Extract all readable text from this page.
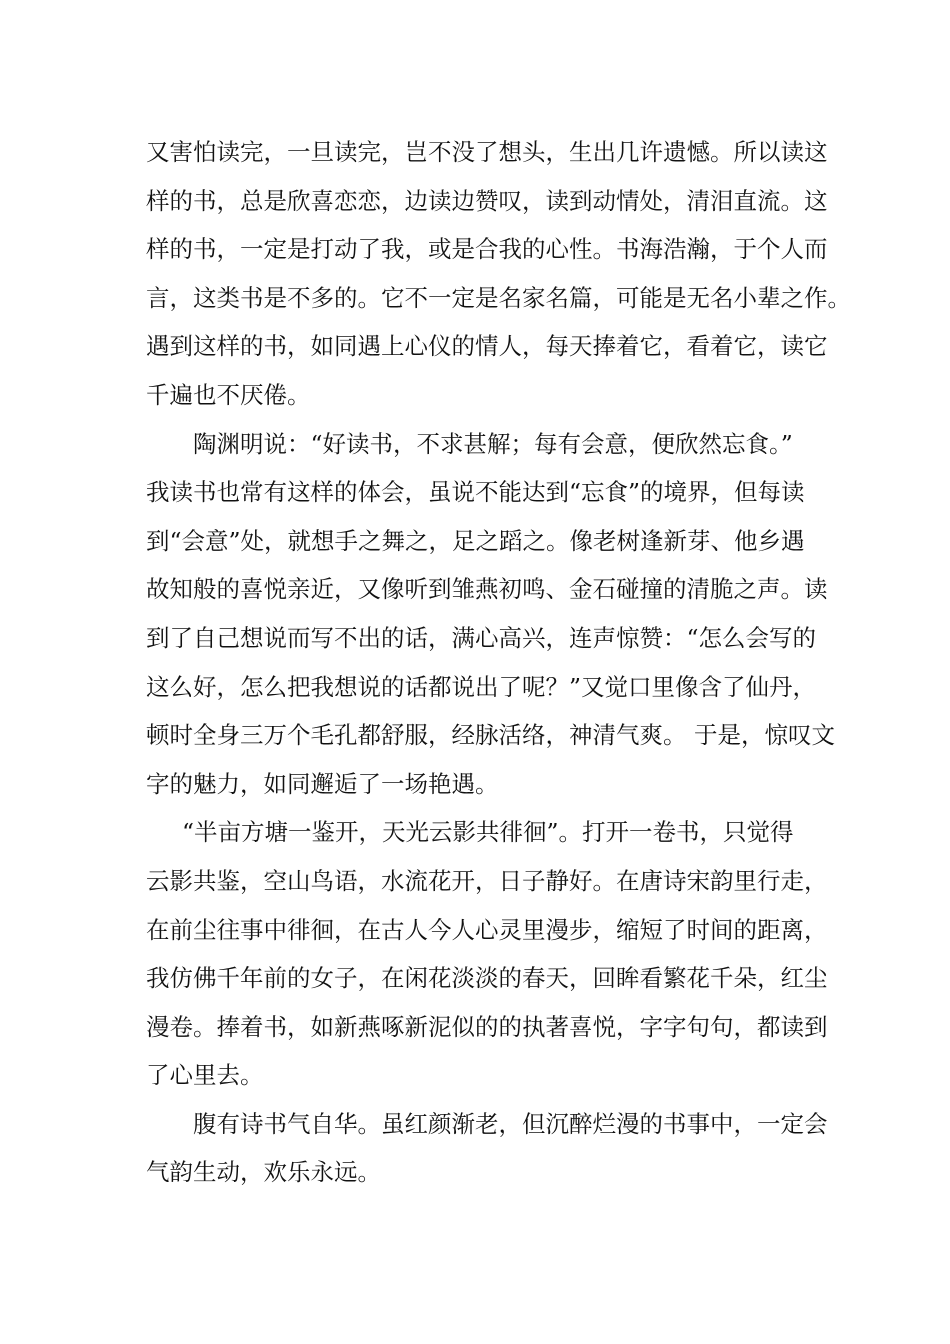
又害怕读完，一旦读完，岂不没了想头，生出几许遗憾。所以读这
样的书，总是欣喜恋恋，边读边赞叹，读到动情处，清泪直流。这
样的书，一定是打动了我，或是合我的心性。书海浩瀚，于个人而
言，这类书是不多的。它不一定是名家名篇，可能是无名小辈之作。
遇到这样的书，如同遇上心仪的情人，每天捧着它，看着它，读它
千遍也不厌倦。
陶渊明说：“好读书，不求甚解；每有会意，便欣然忘食。”
我读书也常有这样的体会，虽说不能达到“忘食”的境界，但每读
到“会意”处，就想手之舞之，足之蹈之。像老树逢新芽、他乡遇
故知般的喜悦亲近，又像听到雏燕初鸣、金石碰撞的清脆之声。读
到了自己想说而写不出的话，满心高兴，连声惊赞：“怎么会写的
这么好，怎么把我想说的话都说出了呢？”又觉口里像含了仙丹，
顿时全身三万个毛孔都舒服，经脉活络，神清气爽。 于是，惊叹文
字的魅力，如同邂逅了一场艳遇。
“半亩方塘一鉴开，天光云影共徘徊”。打开一卷书，只觉得
云影共鉴，空山鸟语，水流花开，日子静好。在唐诗宋韵里行走，
在前尘往事中徘徊，在古人今人心灵里漫步，缩短了时间的距离，
我仿佛千年前的女子，在闲花淡淡的春天，回眸看繁花千朵，红尘
漫卷。捧着书，如新燕啄新泥似的的执著喜悦，字字句句，都读到
了心里去。
腹有诗书气自华。虽红颜渐老，但沉醉烂漫的书事中，一定会
气韵生动，欢乐永远。
